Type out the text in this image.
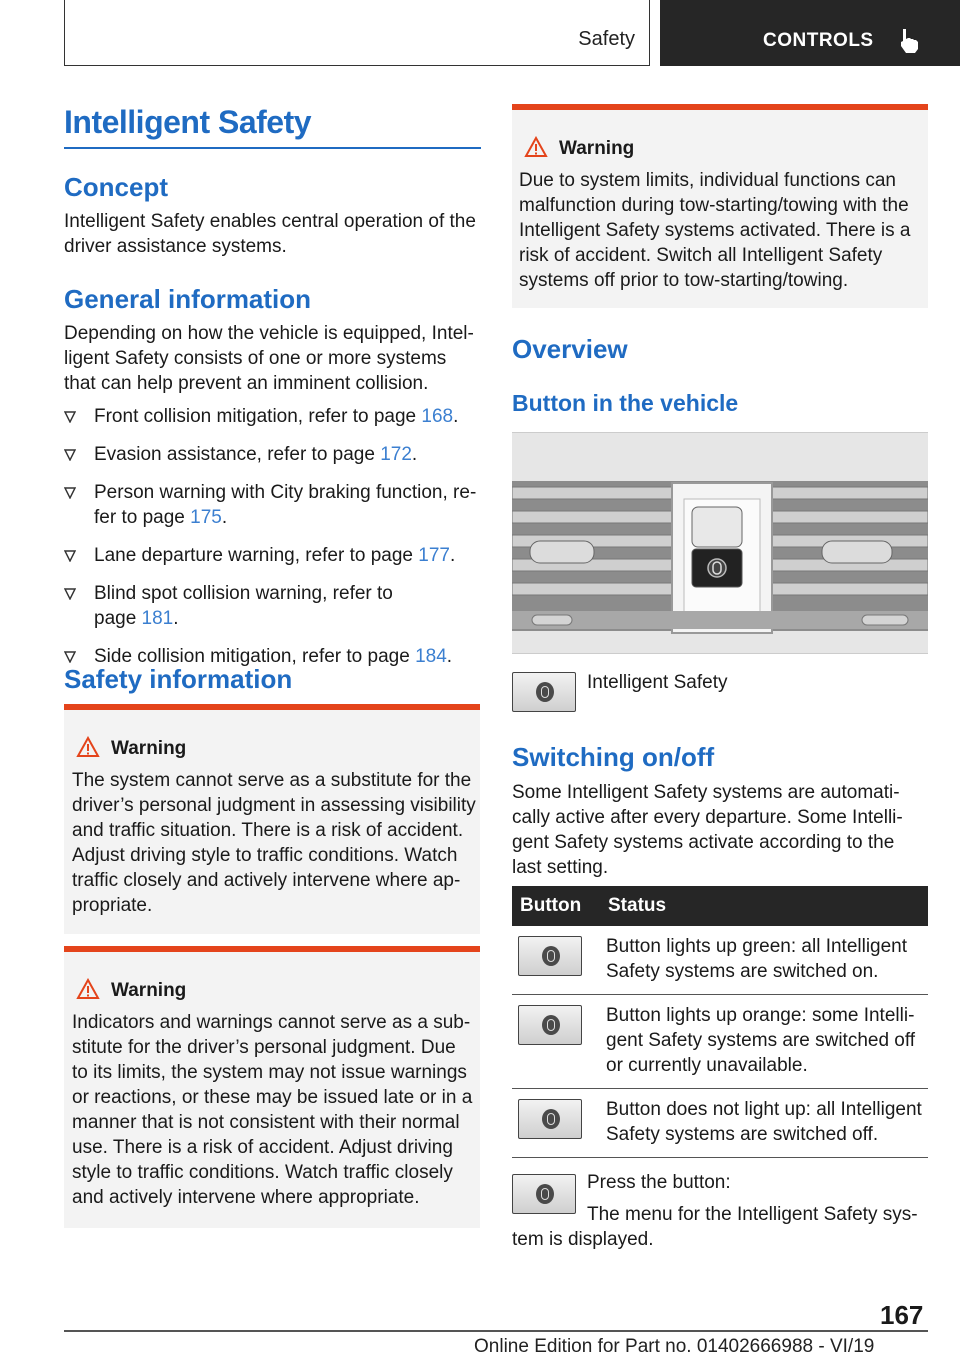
Safety	CONTROLS
Intelligent Safety
Concept
Intelligent Safety enables central operation of the
driver assistance systems.
General information
Depending on how the vehicle is equipped, Intel-
ligent Safety consists of one or more systems
that can help prevent an imminent collision.
Front collision mitigation, refer to page 168.
Evasion assistance, refer to page 172.
Person warning with City braking function, re-
fer to page 175.
Lane departure warning, refer to page 177.
Blind spot collision warning, refer to
page 181.
Side collision mitigation, refer to page 184.
Safety information
Warning
The system cannot serve as a substitute for the
driver’s personal judgment in assessing visibility
and traffic situation. There is a risk of accident.
Adjust driving style to traffic conditions. Watch
traffic closely and actively intervene where ap-
propriate.
Warning
Indicators and warnings cannot serve as a sub-
stitute for the driver’s personal judgment. Due
to its limits, the system may not issue warnings
or reactions, or these may be issued late or in a
manner that is not consistent with their normal
use. There is a risk of accident. Adjust driving
style to traffic conditions. Watch traffic closely
and actively intervene where appropriate.
Warning
Due to system limits, individual functions can
malfunction during tow-starting/towing with the
Intelligent Safety systems activated. There is a
risk of accident. Switch all Intelligent Safety
systems off prior to tow-starting/towing.
Overview
Button in the vehicle
Intelligent Safety
Switching on/off
Some Intelligent Safety systems are automati-
cally active after every departure. Some Intelli-
gent Safety systems activate according to the
last setting.
Button	Status

	Button lights up green: all Intelligent
Safety systems are switched on.

	Button lights up orange: some Intelli-
gent Safety systems are switched off
or currently unavailable.

	Button does not light up: all Intelligent
Safety systems are switched off.
Press the button:
The menu for the Intelligent Safety sys-
tem is displayed.
167
Online Edition for Part no. 01402666988 - VI/19
